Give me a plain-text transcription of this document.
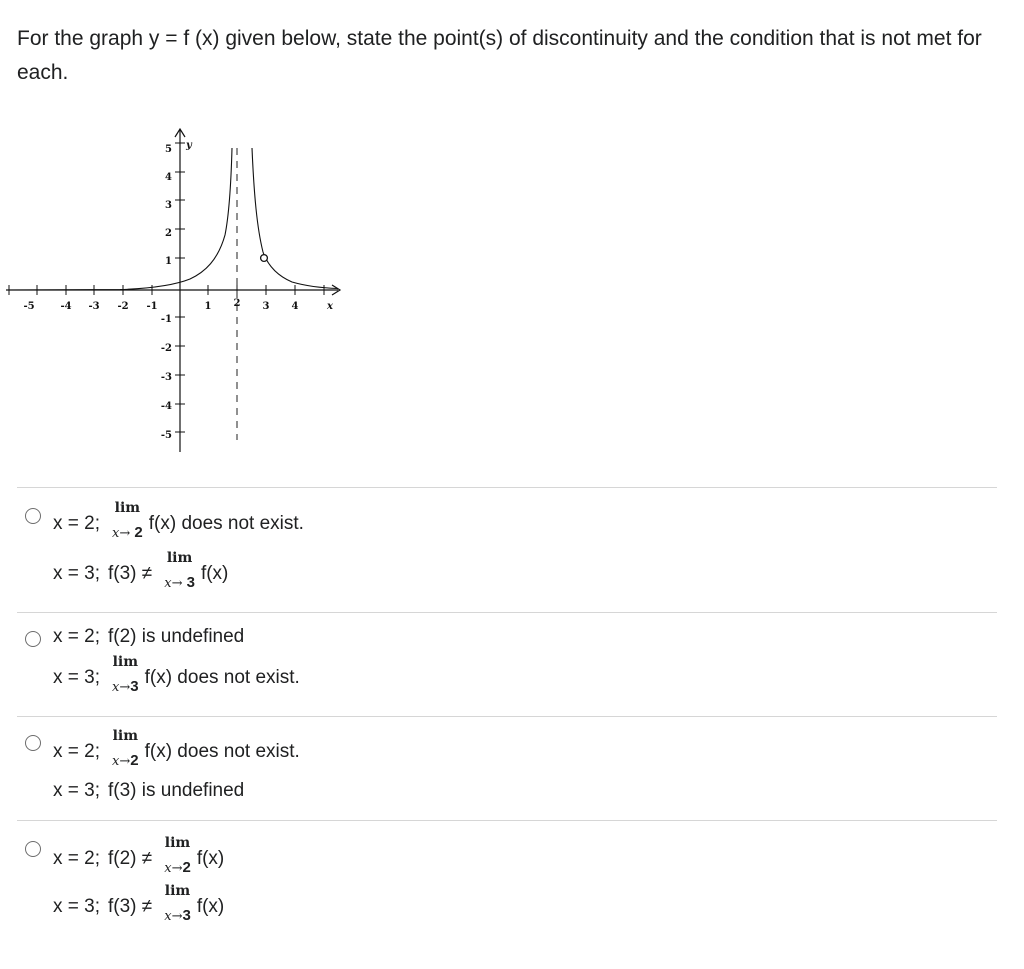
For the graph y = f (x) given below, state the point(s) of discontinuity and the condition that is not met for each.
-5	-4 -3 -2 -1	1 2 3 4	x
1
2
3
4
5 y
-1
-2
-3
-4
-5
x = 2;
lim
x→ 2 f(x) does not exist.
x = 3; f(3) ≠
lim
x→ 3 f(x)
x = 2; f(2) is undefined
x = 3;
lim
x→3 f(x) does not exist.
x = 2;
lim
x→2 f(x) does not exist.
x = 3; f(3) is undefined
x = 2; f(2) ≠
lim
x→2 f(x)
x = 3; f(3) ≠
lim
x→3 f(x)
